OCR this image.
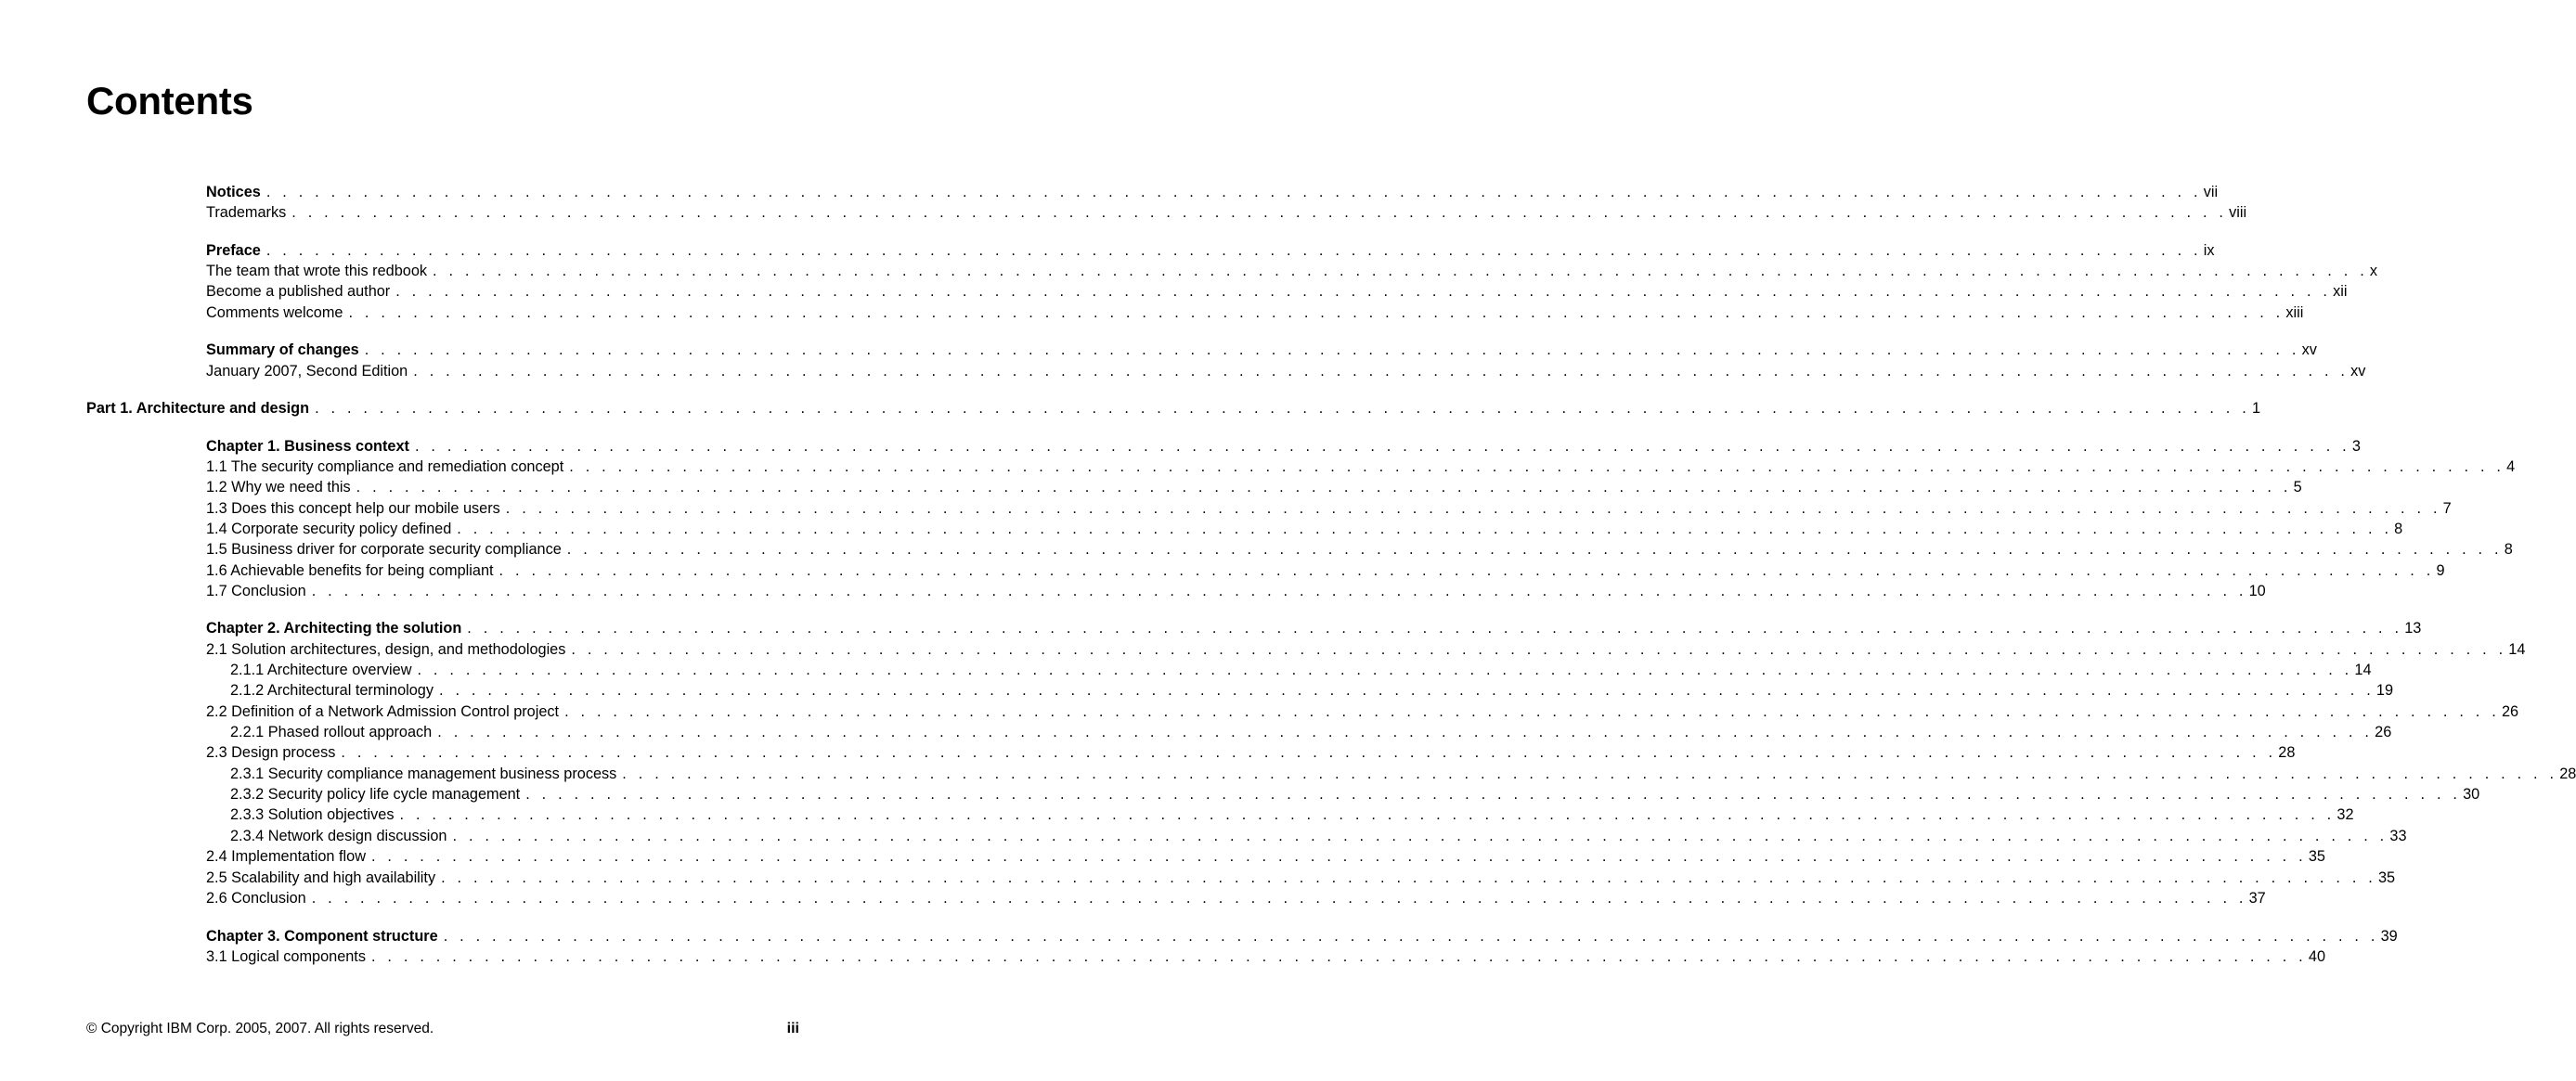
Contents
Notices . . . . . . . . . . . . . . . . . . . . . . . . . . . . . . . . . . . . . . . . . . . . . . . . . . . . . . . . . . . . . . . . . . . . . . . . . . . . . . . . . . . . . . . . . . . . . . . . . . . . . . . . . . . . . . . . . . . . . . . . vii
Trademarks . . . . . . . . . . . . . . . . . . . . . . . . . . . . . . . . . . . . . . . . . . . . . . . . . . . . . . . . . . . . . . . . . . . . . . . . . . . . . . . . . . . . . . . . . . . . . . . . . . . . . . . . . . . . . . . . . . . . . . . . viii
Preface . . . . . . . . . . . . . . . . . . . . . . . . . . . . . . . . . . . . . . . . . . . . . . . . . . . . . . . . . . . . . . . . . . . . . . . . . . . . . . . . . . . . . . . . . . . . . . . . . . . . . . . . . . . . . . . . . . . . . . . . ix
The team that wrote this redbook . . . . . . . . . . . . . . . . . . . . . . . . . . . . . . . . . . . . . . . . . . . . . . . . . . . . . . . . . . . . . . . . . . . . . . . . . . . . . . . . . . . . . . . . . . . . . . . . . . . . . . . . . . . . . . . . . . . . . . . . x
Become a published author . . . . . . . . . . . . . . . . . . . . . . . . . . . . . . . . . . . . . . . . . . . . . . . . . . . . . . . . . . . . . . . . . . . . . . . . . . . . . . . . . . . . . . . . . . . . . . . . . . . . . . . . . . . . . . . . . . . . . . . . xii
Comments welcome . . . . . . . . . . . . . . . . . . . . . . . . . . . . . . . . . . . . . . . . . . . . . . . . . . . . . . . . . . . . . . . . . . . . . . . . . . . . . . . . . . . . . . . . . . . . . . . . . . . . . . . . . . . . . . . . . . . . . . . . xiii
Summary of changes . . . . . . . . . . . . . . . . . . . . . . . . . . . . . . . . . . . . . . . . . . . . . . . . . . . . . . . . . . . . . . . . . . . . . . . . . . . . . . . . . . . . . . . . . . . . . . . . . . . . . . . . . . . . . . . . . . . . . . . . xv
January 2007, Second Edition . . . . . . . . . . . . . . . . . . . . . . . . . . . . . . . . . . . . . . . . . . . . . . . . . . . . . . . . . . . . . . . . . . . . . . . . . . . . . . . . . . . . . . . . . . . . . . . . . . . . . . . . . . . . . . . . . . . . . . . . xv
Part 1. Architecture and design . . . . . . . . . . . . . . . . . . . . . . . . . . . . . . . . . . . . . . . . . . . . . . . . . . . . . . . . . . . . . . . . . . . . . . . . . . . . . . . . . . . . . . . . . . . . . . . . . . . . . . . . . . . . . . . . . . . . . . . . 1
Chapter 1. Business context . . . . . . . . . . . . . . . . . . . . . . . . . . . . . . . . . . . . . . . . . . . . . . . . . . . . . . . . . . . . . . . . . . . . . . . . . . . . . . . . . . . . . . . . . . . . . . . . . . . . . . . . . . . . . . . . . . . . . . . . 3
1.1 The security compliance and remediation concept . . . . . . . . . . . . . . . . . . . . . . . . . . . . . . . . . . . . . . . . . . . . . . . . . . . . . . . . . . . . . . . . . . . . . . . . . . . . . . . . . . . . . . . . . . . . . . . . . . . . . . . . . . . . . . . . . . . . . . . . 4
1.2 Why we need this . . . . . . . . . . . . . . . . . . . . . . . . . . . . . . . . . . . . . . . . . . . . . . . . . . . . . . . . . . . . . . . . . . . . . . . . . . . . . . . . . . . . . . . . . . . . . . . . . . . . . . . . . . . . . . . . . . . . . . . . 5
1.3 Does this concept help our mobile users . . . . . . . . . . . . . . . . . . . . . . . . . . . . . . . . . . . . . . . . . . . . . . . . . . . . . . . . . . . . . . . . . . . . . . . . . . . . . . . . . . . . . . . . . . . . . . . . . . . . . . . . . . . . . . . . . . . . . . . . 7
1.4 Corporate security policy defined . . . . . . . . . . . . . . . . . . . . . . . . . . . . . . . . . . . . . . . . . . . . . . . . . . . . . . . . . . . . . . . . . . . . . . . . . . . . . . . . . . . . . . . . . . . . . . . . . . . . . . . . . . . . . . . . . . . . . . . . 8
1.5 Business driver for corporate security compliance . . . . . . . . . . . . . . . . . . . . . . . . . . . . . . . . . . . . . . . . . . . . . . . . . . . . . . . . . . . . . . . . . . . . . . . . . . . . . . . . . . . . . . . . . . . . . . . . . . . . . . . . . . . . . . . . . . . . . . . . 8
1.6 Achievable benefits for being compliant . . . . . . . . . . . . . . . . . . . . . . . . . . . . . . . . . . . . . . . . . . . . . . . . . . . . . . . . . . . . . . . . . . . . . . . . . . . . . . . . . . . . . . . . . . . . . . . . . . . . . . . . . . . . . . . . . . . . . . . . 9
1.7 Conclusion . . . . . . . . . . . . . . . . . . . . . . . . . . . . . . . . . . . . . . . . . . . . . . . . . . . . . . . . . . . . . . . . . . . . . . . . . . . . . . . . . . . . . . . . . . . . . . . . . . . . . . . . . . . . . . . . . . . . . . . . 10
Chapter 2. Architecting the solution . . . . . . . . . . . . . . . . . . . . . . . . . . . . . . . . . . . . . . . . . . . . . . . . . . . . . . . . . . . . . . . . . . . . . . . . . . . . . . . . . . . . . . . . . . . . . . . . . . . . . . . . . . . . . . . . . . . . . . . . 13
2.1 Solution architectures, design, and methodologies . . . . . . . . . . . . . . . . . . . . . . . . . . . . . . . . . . . . . . . . . . . . . . . . . . . . . . . . . . . . . . . . . . . . . . . . . . . . . . . . . . . . . . . . . . . . . . . . . . . . . . . . . . . . . . . . . . . . . . . . 14
2.1.1 Architecture overview . . . . . . . . . . . . . . . . . . . . . . . . . . . . . . . . . . . . . . . . . . . . . . . . . . . . . . . . . . . . . . . . . . . . . . . . . . . . . . . . . . . . . . . . . . . . . . . . . . . . . . . . . . . . . . . . . . . . . . . . 14
2.1.2 Architectural terminology . . . . . . . . . . . . . . . . . . . . . . . . . . . . . . . . . . . . . . . . . . . . . . . . . . . . . . . . . . . . . . . . . . . . . . . . . . . . . . . . . . . . . . . . . . . . . . . . . . . . . . . . . . . . . . . . . . . . . . . . 19
2.2 Definition of a Network Admission Control project . . . . . . . . . . . . . . . . . . . . . . . . . . . . . . . . . . . . . . . . . . . . . . . . . . . . . . . . . . . . . . . . . . . . . . . . . . . . . . . . . . . . . . . . . . . . . . . . . . . . . . . . . . . . . . . . . . . . . . . . 26
2.2.1 Phased rollout approach . . . . . . . . . . . . . . . . . . . . . . . . . . . . . . . . . . . . . . . . . . . . . . . . . . . . . . . . . . . . . . . . . . . . . . . . . . . . . . . . . . . . . . . . . . . . . . . . . . . . . . . . . . . . . . . . . . . . . . . . 26
2.3 Design process . . . . . . . . . . . . . . . . . . . . . . . . . . . . . . . . . . . . . . . . . . . . . . . . . . . . . . . . . . . . . . . . . . . . . . . . . . . . . . . . . . . . . . . . . . . . . . . . . . . . . . . . . . . . . . . . . . . . . . . . 28
2.3.1 Security compliance management business process . . . . . . . . . . . . . . . . . . . . . . . . . . . . . . . . . . . . . . . . . . . . . . . . . . . . . . . . . . . . . . . . . . . . . . . . . . . . . . . . . . . . . . . . . . . . . . . . . . . . . . . . . . . . . . . . . . . . . . . . 28
2.3.2 Security policy life cycle management . . . . . . . . . . . . . . . . . . . . . . . . . . . . . . . . . . . . . . . . . . . . . . . . . . . . . . . . . . . . . . . . . . . . . . . . . . . . . . . . . . . . . . . . . . . . . . . . . . . . . . . . . . . . . . . . . . . . . . . . 30
2.3.3 Solution objectives . . . . . . . . . . . . . . . . . . . . . . . . . . . . . . . . . . . . . . . . . . . . . . . . . . . . . . . . . . . . . . . . . . . . . . . . . . . . . . . . . . . . . . . . . . . . . . . . . . . . . . . . . . . . . . . . . . . . . . . . 32
2.3.4 Network design discussion . . . . . . . . . . . . . . . . . . . . . . . . . . . . . . . . . . . . . . . . . . . . . . . . . . . . . . . . . . . . . . . . . . . . . . . . . . . . . . . . . . . . . . . . . . . . . . . . . . . . . . . . . . . . . . . . . . . . . . . . 33
2.4 Implementation flow . . . . . . . . . . . . . . . . . . . . . . . . . . . . . . . . . . . . . . . . . . . . . . . . . . . . . . . . . . . . . . . . . . . . . . . . . . . . . . . . . . . . . . . . . . . . . . . . . . . . . . . . . . . . . . . . . . . . . . . . 35
2.5 Scalability and high availability . . . . . . . . . . . . . . . . . . . . . . . . . . . . . . . . . . . . . . . . . . . . . . . . . . . . . . . . . . . . . . . . . . . . . . . . . . . . . . . . . . . . . . . . . . . . . . . . . . . . . . . . . . . . . . . . . . . . . . . . 35
2.6 Conclusion . . . . . . . . . . . . . . . . . . . . . . . . . . . . . . . . . . . . . . . . . . . . . . . . . . . . . . . . . . . . . . . . . . . . . . . . . . . . . . . . . . . . . . . . . . . . . . . . . . . . . . . . . . . . . . . . . . . . . . . . 37
Chapter 3. Component structure . . . . . . . . . . . . . . . . . . . . . . . . . . . . . . . . . . . . . . . . . . . . . . . . . . . . . . . . . . . . . . . . . . . . . . . . . . . . . . . . . . . . . . . . . . . . . . . . . . . . . . . . . . . . . . . . . . . . . . . . 39
3.1 Logical components . . . . . . . . . . . . . . . . . . . . . . . . . . . . . . . . . . . . . . . . . . . . . . . . . . . . . . . . . . . . . . . . . . . . . . . . . . . . . . . . . . . . . . . . . . . . . . . . . . . . . . . . . . . . . . . . . . . . . . . . 40
© Copyright IBM Corp. 2005, 2007. All rights reserved.	iii
